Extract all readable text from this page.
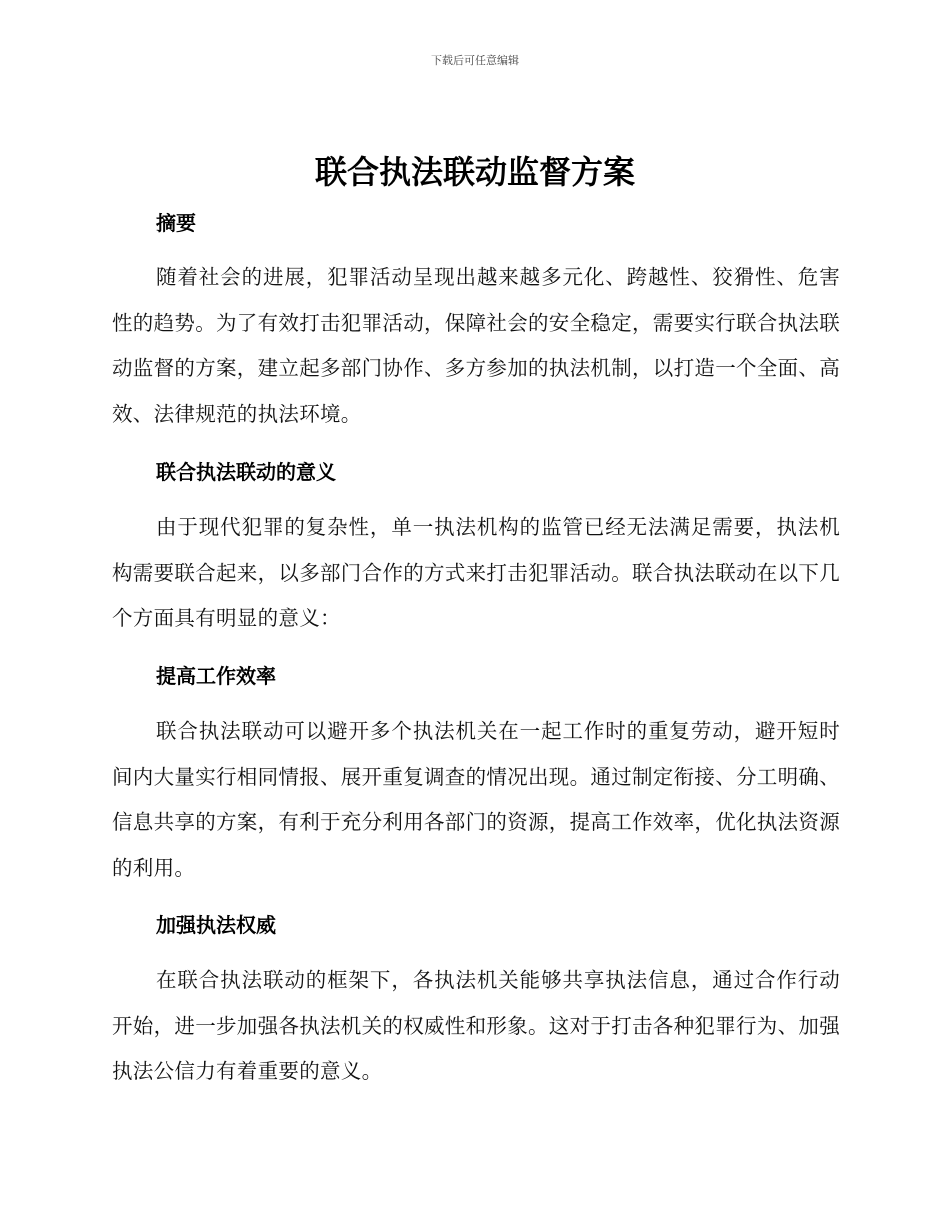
下载后可任意编辑
联合执法联动监督方案
摘要

随着社会的进展，犯罪活动呈现出越来越多元化、跨越性、狡猾性、危害性的趋势。为了有效打击犯罪活动，保障社会的安全稳定，需要实行联合执法联动监督的方案，建立起多部门协作、多方参加的执法机制，以打造一个全面、高效、法律规范的执法环境。

联合执法联动的意义

由于现代犯罪的复杂性，单一执法机构的监管已经无法满足需要，执法机构需要联合起来，以多部门合作的方式来打击犯罪活动。联合执法联动在以下几个方面具有明显的意义：

提高工作效率

联合执法联动可以避开多个执法机关在一起工作时的重复劳动，避开短时间内大量实行相同情报、展开重复调查的情况出现。通过制定衔接、分工明确、信息共享的方案，有利于充分利用各部门的资源，提高工作效率，优化执法资源的利用。

加强执法权威

在联合执法联动的框架下，各执法机关能够共享执法信息，通过合作行动开始，进一步加强各执法机关的权威性和形象。这对于打击各种犯罪行为、加强执法公信力有着重要的意义。
